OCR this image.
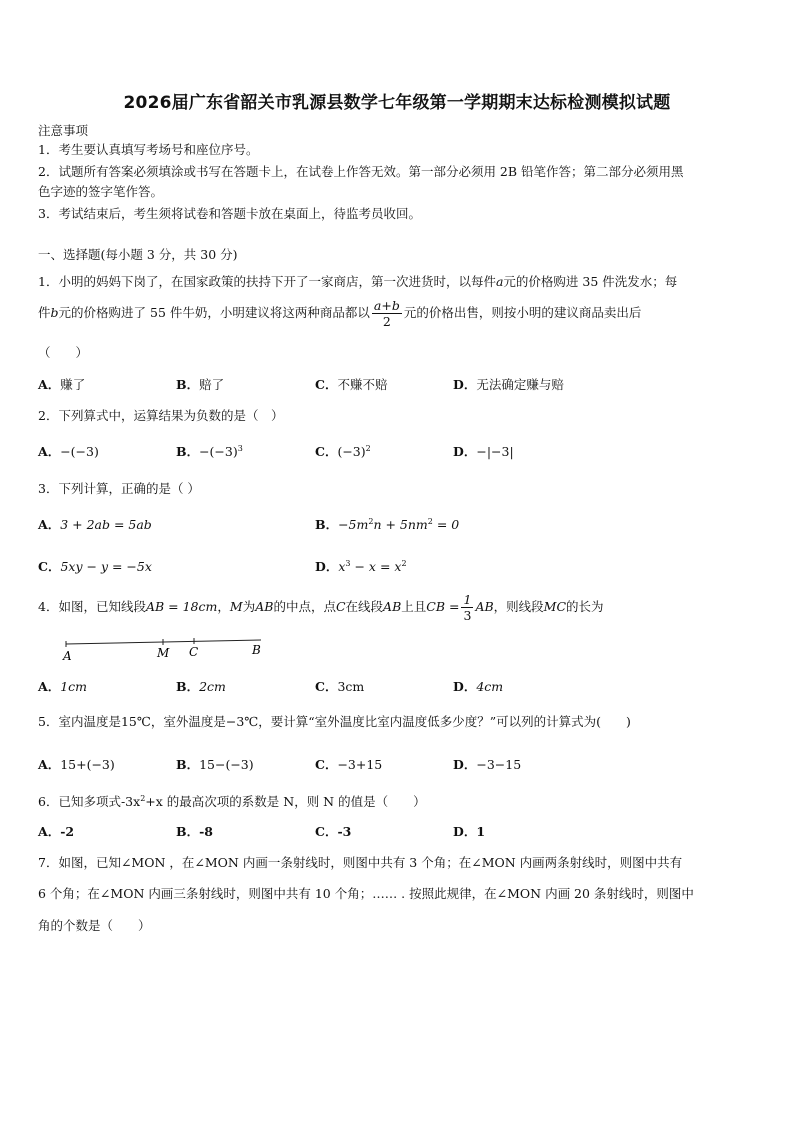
2026届广东省韶关市乳源县数学七年级第一学期期末达标检测模拟试题
注意事项
1．考生要认真填写考场号和座位序号。
2．试题所有答案必须填涂或书写在答题卡上，在试卷上作答无效。第一部分必须用 2B 铅笔作答；第二部分必须用黑
色字迹的签字笔作答。
3．考试结束后，考生须将试卷和答题卡放在桌面上，待监考员收回。
一、选择题(每小题 3 分，共 30 分)
1．小明的妈妈下岗了，在国家政策的扶持下开了一家商店，第一次进货时，以每件a元的价格购进 35 件洗发水；每
件b元的价格购进了 55 件牛奶，小明建议将这两种商品都以 $\frac{a+b}{2}$ 元的价格出售，则按小明的建议商品卖出后
（　　）
A．赚了	B．赔了	C．不赚不赔	D．无法确定赚与赔
2．下列算式中，运算结果为负数的是（　）
A．−(−3)	B．$-(-3)^3$	C．$(-3)^2$	D．−|−3|
3．下列计算，正确的是（ ）
A．3 + 2ab = 5ab	B．$-5m^2n + 5nm^2 = 0$
C．5xy − y = −5x	D．$x^3 - x = x^2$
4．如图，已知线段AB = 18cm，M为AB的中点，点C在线段AB上且CB = $\frac{1}{3}$ AB，则线段MC的长为
A	M C	B
A．1cm	B．2cm	C．3cm	D．4cm
5．室内温度是15℃，室外温度是−3℃，要计算“室外温度比室内温度低多少度？”可以列的计算式为(　　)
A．15+(−3)	B．15−(−3)	C．−3+15	D．−3−15
6．已知多项式$-3x^2+x$ 的最高次项的系数是 N，则 N 的值是（　　）
A．-2	B．-8	C．-3	D．1
7．如图，已知∠MON ，在∠MON 内画一条射线时，则图中共有 3 个角；在∠MON 内画两条射线时，则图中共有
6 个角；在∠MON 内画三条射线时，则图中共有 10 个角；…… . 按照此规律，在∠MON 内画 20 条射线时，则图中
角的个数是（　　）
